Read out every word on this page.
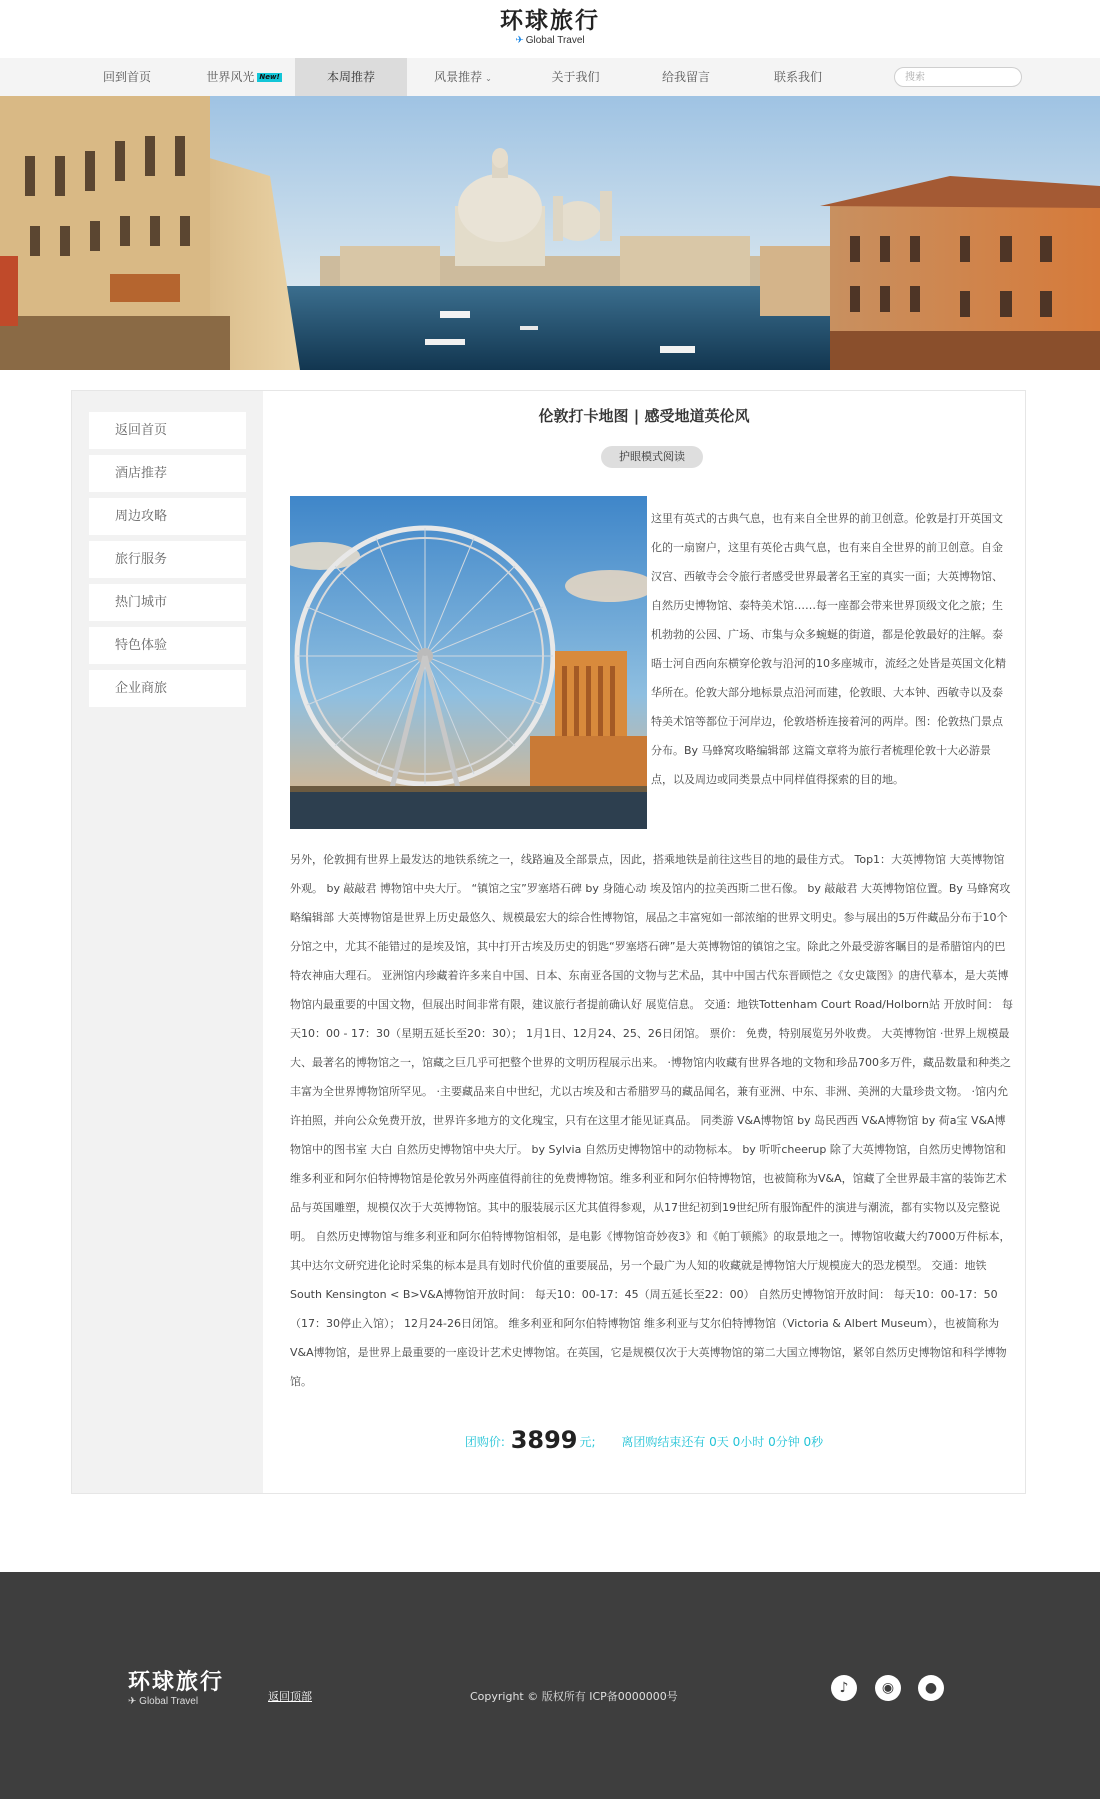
环球旅行
✈ Global Travel
回到首页	世界风光 New!	本周推荐	风景推荐 ⌄	关于我们	给我留言	联系我们	搜索
返回首页
酒店推荐
周边攻略
旅行服务
热门城市
特色体验
企业商旅
伦敦打卡地图 | 感受地道英伦风
护眼模式阅读
这里有英式的古典气息，也有来自全世界的前卫创意。伦敦是打开英国文化的一扇窗户，这里有英伦古典气息，也有来自全世界的前卫创意。自金汉宫、西敏寺会令旅行者感受世界最著名王室的真实一面；大英博物馆、自然历史博物馆、泰特美术馆……每一座都会带来世界顶级文化之旅；生机勃勃的公园、广场、市集与众多蜿蜒的街道，都是伦敦最好的注解。泰晤士河自西向东横穿伦敦与沿河的10多座城市，流经之处皆是英国文化精华所在。伦敦大部分地标景点沿河而建，伦敦眼、大本钟、西敏寺以及泰特美术馆等都位于河岸边，伦敦塔桥连接着河的两岸。图：伦敦热门景点分布。By 马蜂窝攻略编辑部 这篇文章将为旅行者梳理伦敦十大必游景点，以及周边或同类景点中同样值得探索的目的地。
另外，伦敦拥有世界上最发达的地铁系统之一，线路遍及全部景点，因此，搭乘地铁是前往这些目的地的最佳方式。 Top1：大英博物馆 大英博物馆外观。 by 敲敲君 博物馆中央大厅。 “镇馆之宝”罗塞塔石碑 by 身随心动 埃及馆内的拉美西斯二世石像。 by 敲敲君 大英博物馆位置。By 马蜂窝攻略编辑部 大英博物馆是世界上历史最悠久、规模最宏大的综合性博物馆，展品之丰富宛如一部浓缩的世界文明史。参与展出的5万件藏品分布于10个分馆之中，尤其不能错过的是埃及馆，其中打开古埃及历史的钥匙“罗塞塔石碑”是大英博物馆的镇馆之宝。除此之外最受游客瞩目的是希腊馆内的巴特农神庙大理石。 亚洲馆内珍藏着许多来自中国、日本、东南亚各国的文物与艺术品，其中中国古代东晋顾恺之《女史箴图》的唐代摹本，是大英博物馆内最重要的中国文物，但展出时间非常有限，建议旅行者提前确认好 展览信息。 交通：地铁Tottenham Court Road/Holborn站 开放时间： 每天10：00 - 17：30（星期五延长至20：30）； 1月1日、12月24、25、26日闭馆。 票价： 免费，特别展览另外收费。 大英博物馆 ·世界上规模最大、最著名的博物馆之一，馆藏之巨几乎可把整个世界的文明历程展示出来。 ·博物馆内收藏有世界各地的文物和珍品700多万件，藏品数量和种类之丰富为全世界博物馆所罕见。 ·主要藏品来自中世纪，尤以古埃及和古希腊罗马的藏品闻名，兼有亚洲、中东、非洲、美洲的大量珍贵文物。 ·馆内允许拍照，并向公众免费开放，世界许多地方的文化瑰宝，只有在这里才能见证真品。 同类游 V&A博物馆 by 岛民西西 V&A博物馆 by 荷a宝 V&A博物馆中的图书室 大白 自然历史博物馆中央大厅。 by Sylvia 自然历史博物馆中的动物标本。 by 听听cheerup 除了大英博物馆，自然历史博物馆和维多利亚和阿尔伯特博物馆是伦敦另外两座值得前往的免费博物馆。维多利亚和阿尔伯特博物馆，也被简称为V&A，馆藏了全世界最丰富的装饰艺术品与英国雕塑，规模仅次于大英博物馆。其中的服装展示区尤其值得参观，从17世纪初到19世纪所有服饰配件的演进与潮流，都有实物以及完整说明。 自然历史博物馆与维多利亚和阿尔伯特博物馆相邻，是电影《博物馆奇妙夜3》和《帕丁顿熊》的取景地之一。博物馆收藏大约7000万件标本，其中达尔文研究进化论时采集的标本是具有划时代价值的重要展品，另一个最广为人知的收藏就是博物馆大厅规模庞大的恐龙模型。 交通：地铁South Kensington < B>V&A博物馆开放时间： 每天10：00-17：45（周五延长至22：00） 自然历史博物馆开放时间： 每天10：00-17：50（17：30停止入馆）； 12月24-26日闭馆。 维多利亚和阿尔伯特博物馆 维多利亚与艾尔伯特博物馆（Victoria & Albert Museum），也被简称为V&A博物馆，是世界上最重要的一座设计艺术史博物馆。在英国，它是规模仅次于大英博物馆的第二大国立博物馆，紧邻自然历史博物馆和科学博物馆。
团购价: 3899 元; 离团购结束还有 0天 0小时 0分钟 0秒
环球旅行
✈ Global Travel	返回顶部	Copyright © 版权所有 ICP备0000000号
♪	◉	●
